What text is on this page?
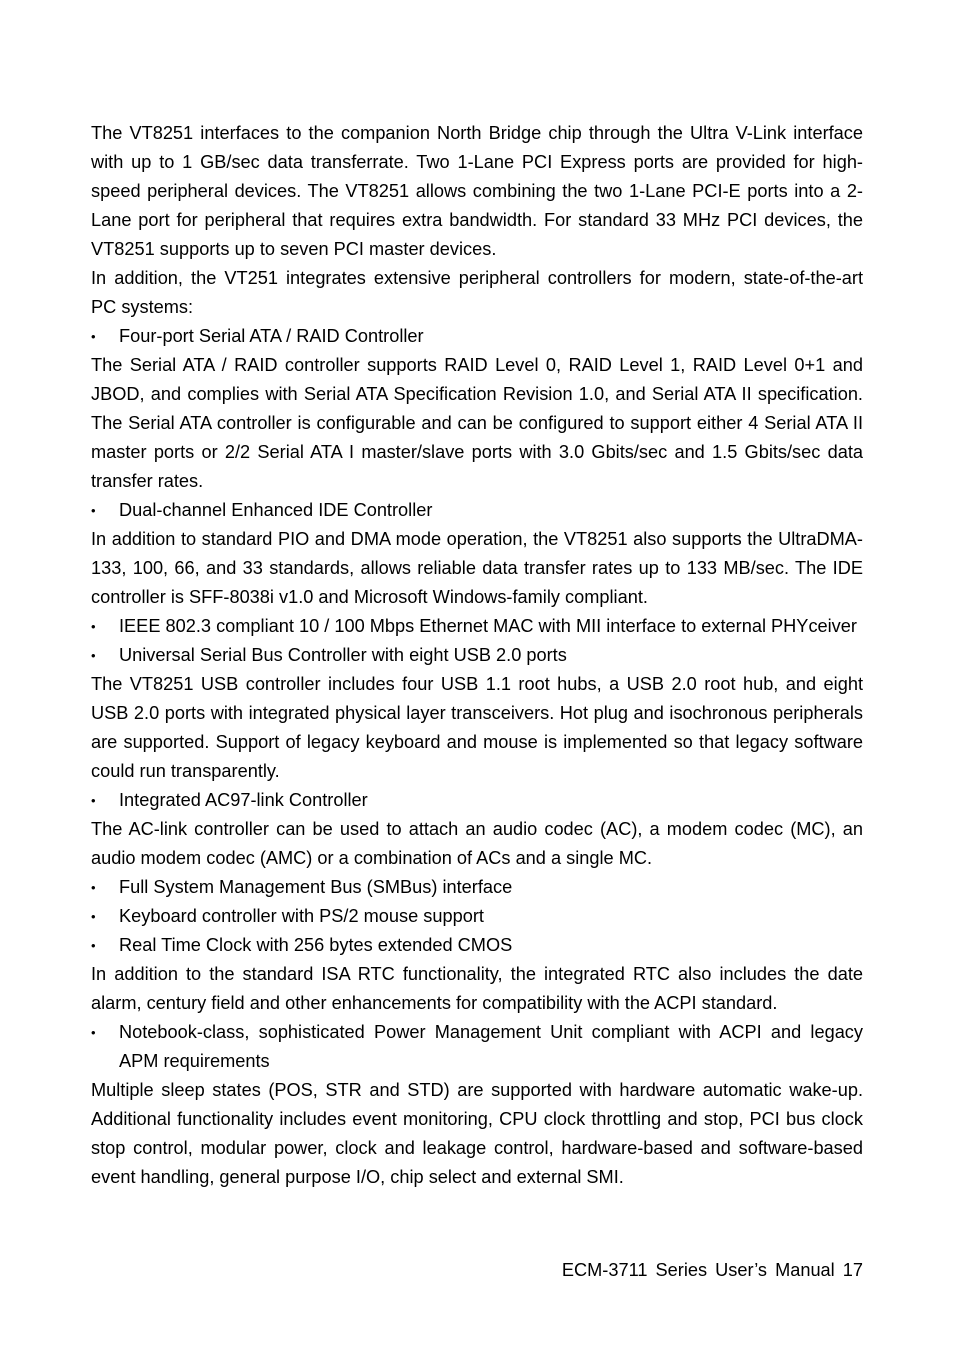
The VT8251 interfaces to the companion North Bridge chip through the Ultra V-Link interface with up to 1 GB/sec data transferrate. Two 1-Lane PCI Express ports are provided for high-speed peripheral devices. The VT8251 allows combining the two 1-Lane PCI-E ports into a 2-Lane port for peripheral that requires extra bandwidth. For standard 33 MHz PCI devices, the VT8251 supports up to seven PCI master devices.

In addition, the VT251 integrates extensive peripheral controllers for modern, state-of-the-art PC systems:

• Four-port Serial ATA / RAID Controller

The Serial ATA / RAID controller supports RAID Level 0, RAID Level 1, RAID Level 0+1 and JBOD, and complies with Serial ATA Specification Revision 1.0, and Serial ATA II specification. The Serial ATA controller is configurable and can be configured to support either 4 Serial ATA II master ports or 2/2 Serial ATA I master/slave ports with 3.0 Gbits/sec and 1.5 Gbits/sec data transfer rates.

• Dual-channel Enhanced IDE Controller

In addition to standard PIO and DMA mode operation, the VT8251 also supports the UltraDMA-133, 100, 66, and 33 standards, allows reliable data transfer rates up to 133 MB/sec. The IDE controller is SFF-8038i v1.0 and Microsoft Windows-family compliant.

• IEEE 802.3 compliant 10 / 100 Mbps Ethernet MAC with MII interface to external PHYceiver

• Universal Serial Bus Controller with eight USB 2.0 ports

The VT8251 USB controller includes four USB 1.1 root hubs, a USB 2.0 root hub, and eight USB 2.0 ports with integrated physical layer transceivers. Hot plug and isochronous peripherals are supported. Support of legacy keyboard and mouse is implemented so that legacy software could run transparently.

• Integrated AC97-link Controller

The AC-link controller can be used to attach an audio codec (AC), a modem codec (MC), an audio modem codec (AMC) or a combination of ACs and a single MC.

• Full System Management Bus (SMBus) interface

• Keyboard controller with PS/2 mouse support

• Real Time Clock with 256 bytes extended CMOS

In addition to the standard ISA RTC functionality, the integrated RTC also includes the date alarm, century field and other enhancements for compatibility with the ACPI standard.

• Notebook-class, sophisticated Power Management Unit compliant with ACPI and legacy APM requirements

Multiple sleep states (POS, STR and STD) are supported with hardware automatic wake-up. Additional functionality includes event monitoring, CPU clock throttling and stop, PCI bus clock stop control, modular power, clock and leakage control, hardware-based and software-based event handling, general purpose I/O, chip select and external SMI.

ECM-3711 Series User’s Manual 17
